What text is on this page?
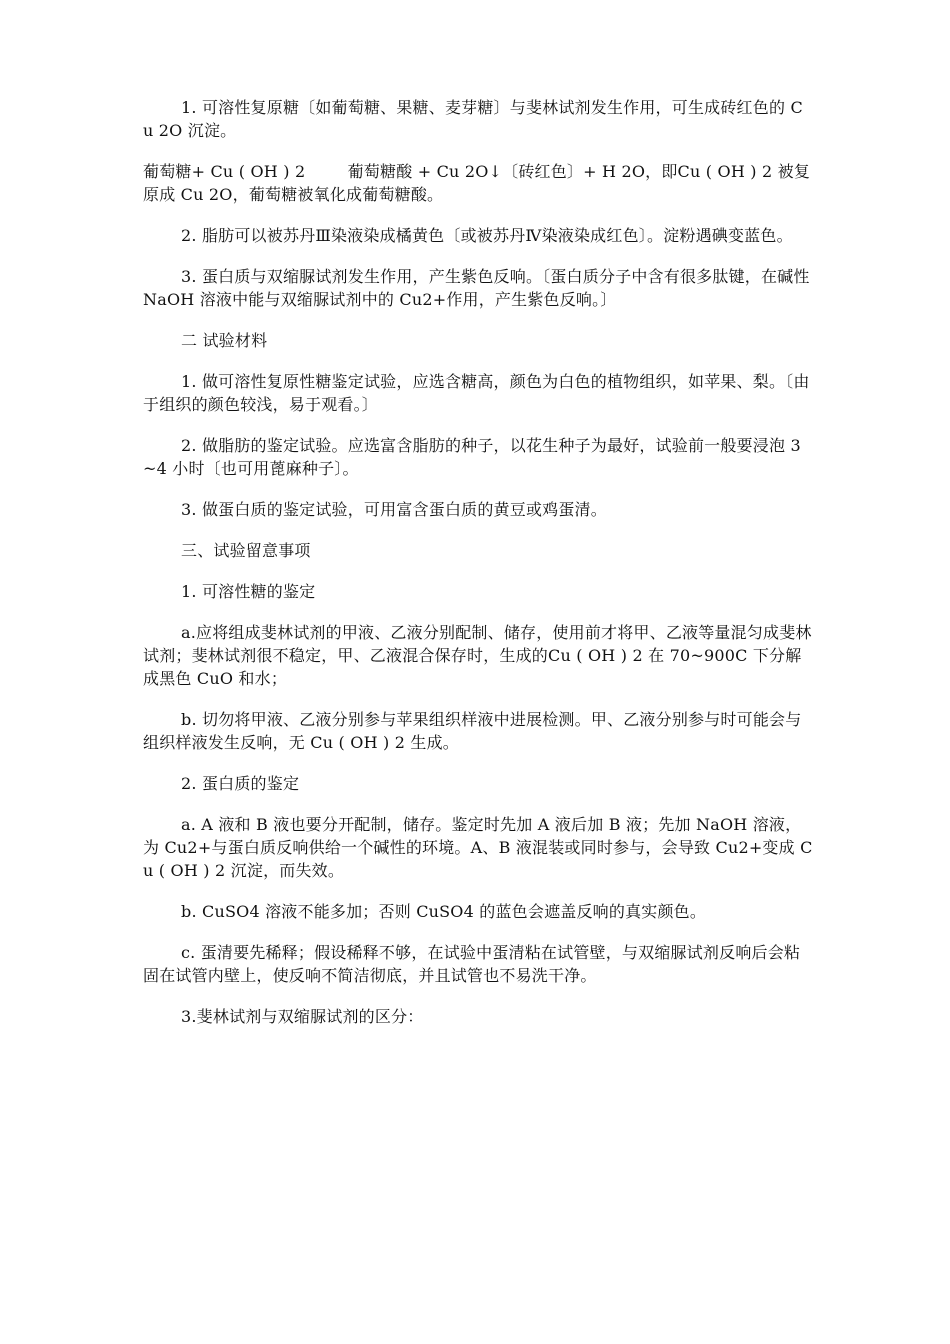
1. 可溶性复原糖〔如葡萄糖、果糖、麦芽糖〕与斐林试剂发生作用，可生成砖红色的 Cu 2O 沉淀。

葡萄糖+ Cu ( OH ) 2        葡萄糖酸 + Cu 2O↓〔砖红色〕+ H 2O，即Cu ( OH ) 2 被复原成 Cu 2O，葡萄糖被氧化成葡萄糖酸。

2. 脂肪可以被苏丹Ⅲ染液染成橘黄色〔或被苏丹Ⅳ染液染成红色〕。淀粉遇碘变蓝色。

3. 蛋白质与双缩脲试剂发生作用，产生紫色反响。〔蛋白质分子中含有很多肽键，在碱性 NaOH 溶液中能与双缩脲试剂中的 Cu2+作用，产生紫色反响。〕

二 试验材料

1. 做可溶性复原性糖鉴定试验，应选含糖高，颜色为白色的植物组织，如苹果、梨。〔由于组织的颜色较浅，易于观看。〕

2. 做脂肪的鉴定试验。应选富含脂肪的种子，以花生种子为最好，试验前一般要浸泡 3~4 小时〔也可用蓖麻种子〕。

3. 做蛋白质的鉴定试验，可用富含蛋白质的黄豆或鸡蛋清。

三、试验留意事项

1. 可溶性糖的鉴定

a.应将组成斐林试剂的甲液、乙液分别配制、储存，使用前才将甲、乙液等量混匀成斐林试剂；斐林试剂很不稳定，甲、乙液混合保存时，生成的Cu ( OH ) 2 在 70~900C 下分解成黑色 CuO 和水；

b. 切勿将甲液、乙液分别参与苹果组织样液中进展检测。甲、乙液分别参与时可能会与组织样液发生反响，无 Cu ( OH ) 2 生成。

2. 蛋白质的鉴定

a. A 液和 B 液也要分开配制，储存。鉴定时先加 A 液后加 B 液；先加 NaOH 溶液，为 Cu2+与蛋白质反响供给一个碱性的环境。A、B 液混装或同时参与，会导致 Cu2+变成 Cu ( OH ) 2 沉淀，而失效。

b. CuSO4 溶液不能多加；否则 CuSO4 的蓝色会遮盖反响的真实颜色。

c. 蛋清要先稀释；假设稀释不够，在试验中蛋清粘在试管壁，与双缩脲试剂反响后会粘固在试管内壁上，使反响不简洁彻底，并且试管也不易洗干净。

3.斐林试剂与双缩脲试剂的区分：
